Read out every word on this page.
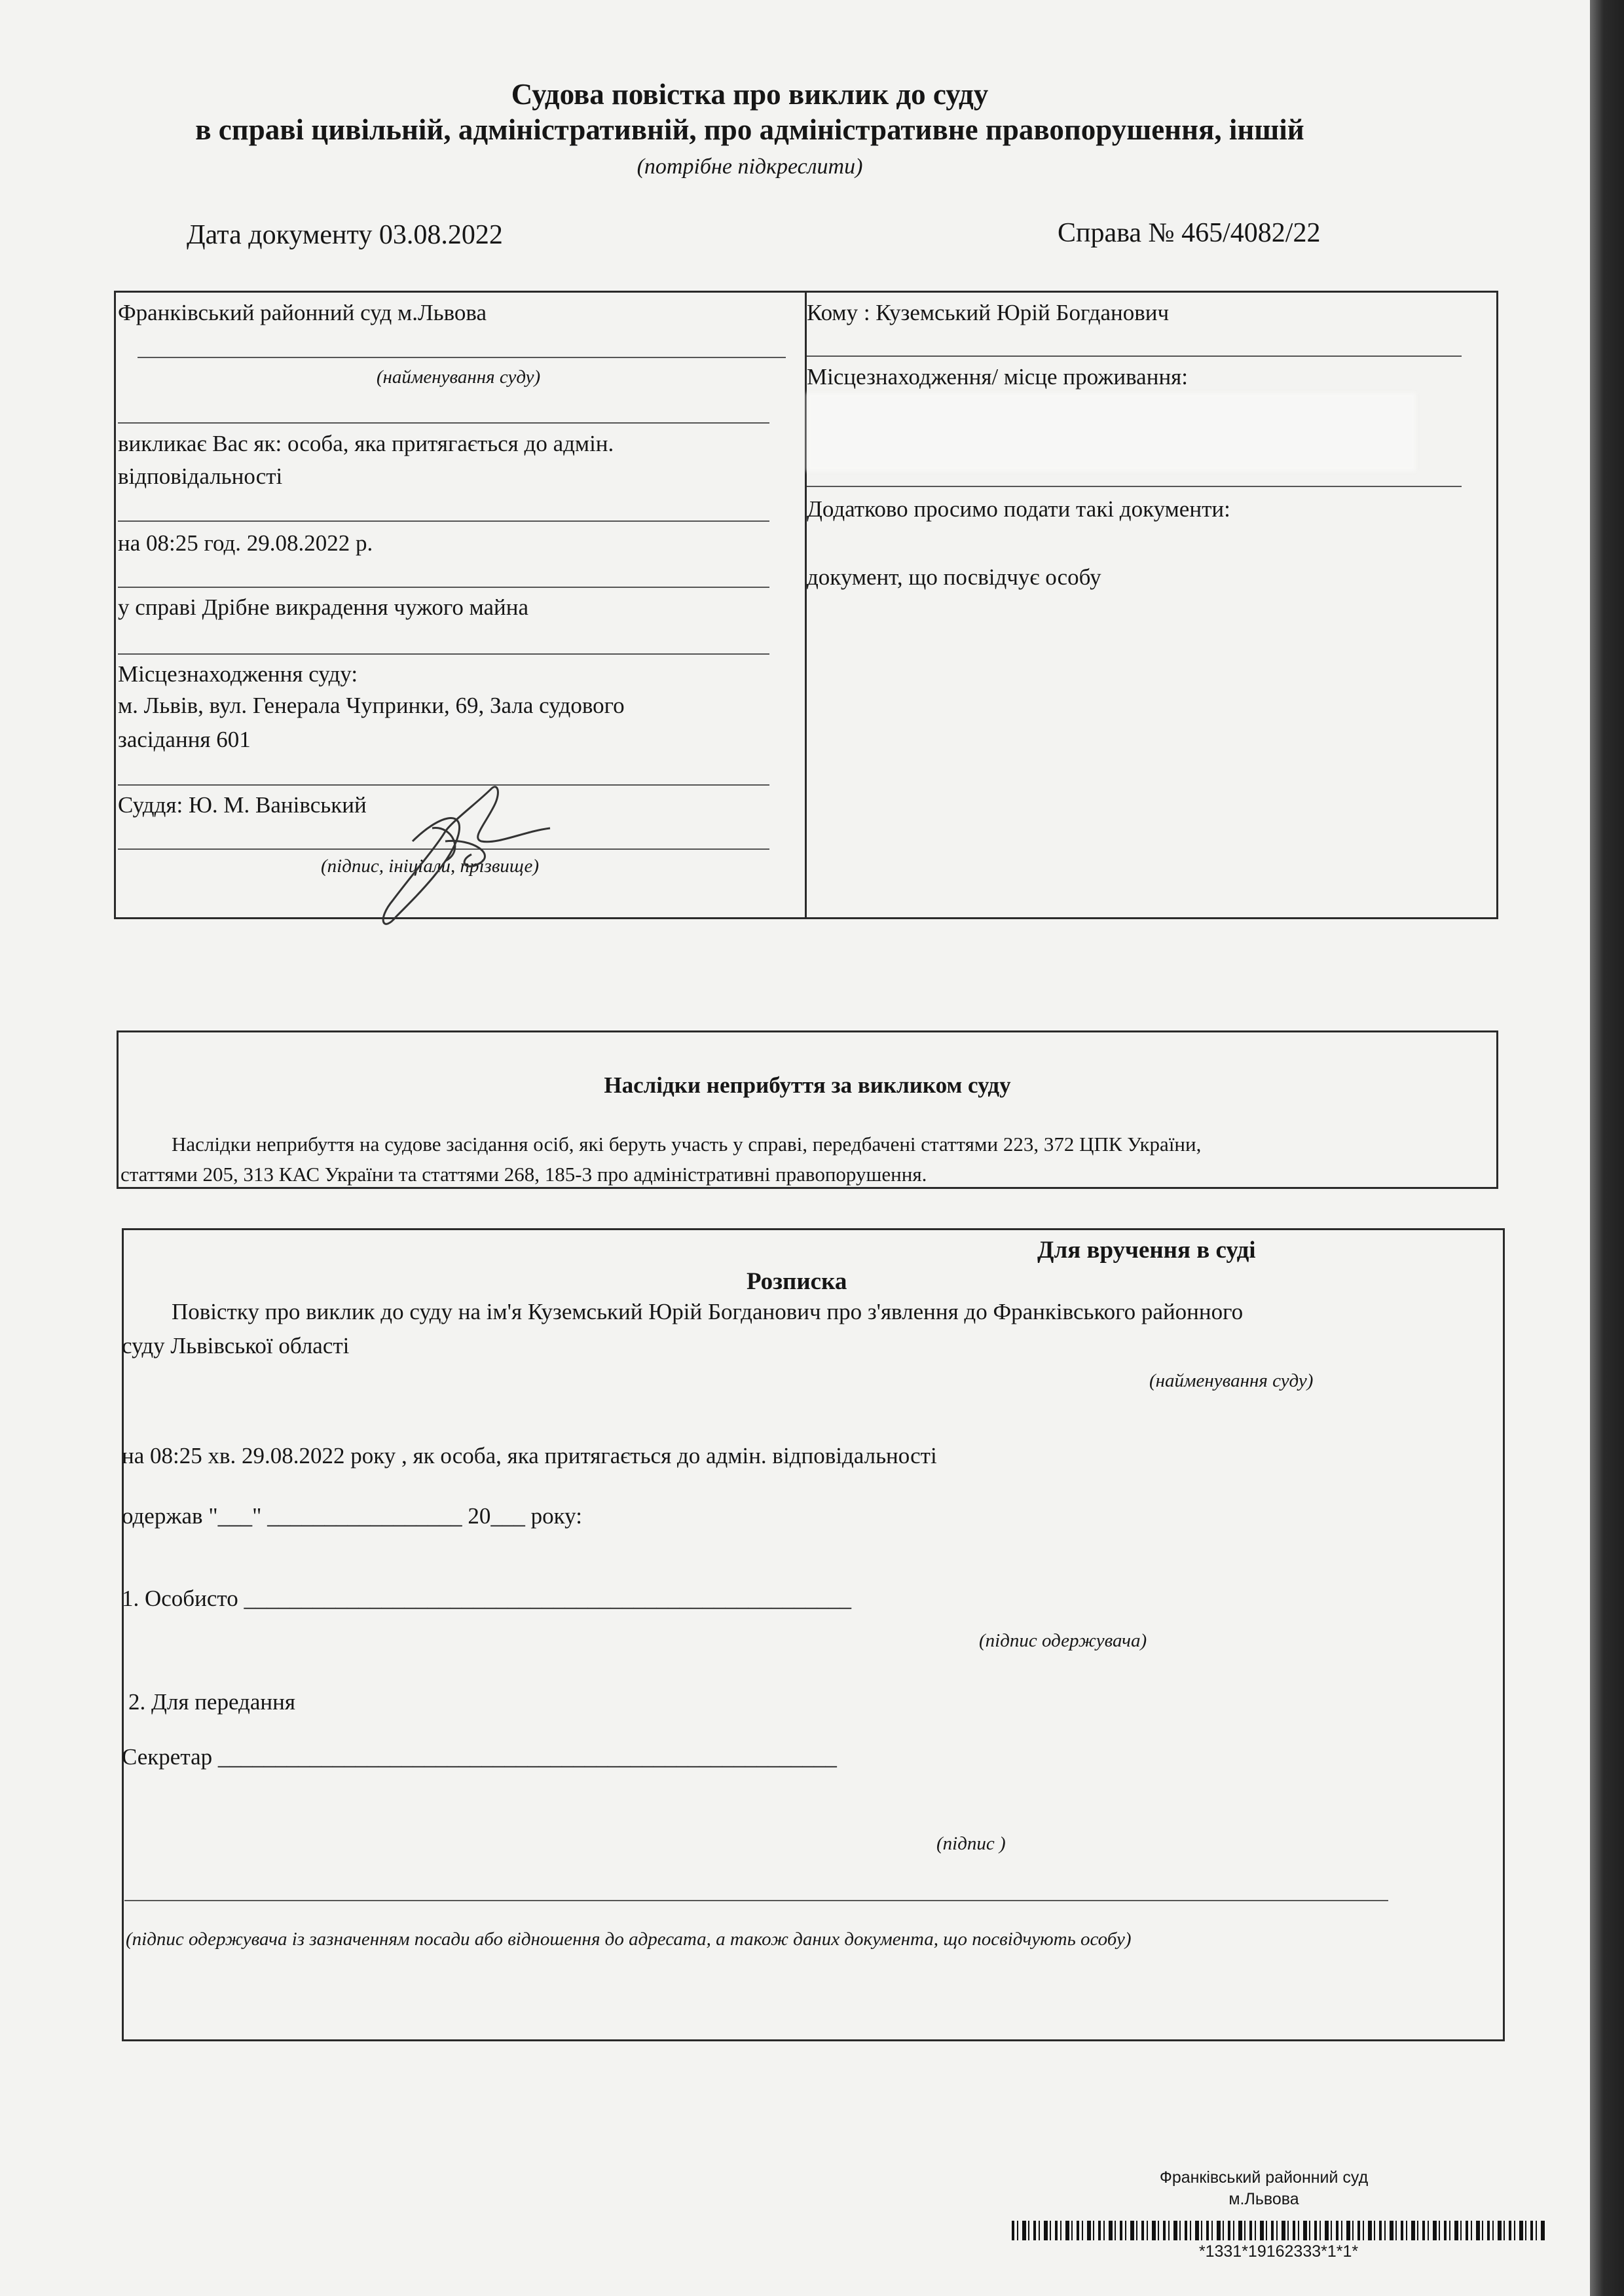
Судова повістка про виклик до суду
в справі цивільній, адміністративній, про адміністративне правопорушення, іншій
(потрібне підкреслити)
Дата документу 03.08.2022	Справа № 465/4082/22
Франківський районний суд м.Львова
(найменування суду)
викликає Вас як: особа, яка притягається до адмін.
відповідальності
на 08:25 год. 29.08.2022 р.
у справі Дрібне викрадення чужого майна
Місцезнаходження суду:
м. Львів, вул. Генерала Чупринки, 69, Зала судового
засідання 601
Суддя: Ю. М. Ванівський
(підпис, ініціали, прізвище)
Кому : Куземський Юрій Богданович
Місцезнаходження/ місце проживання:
Додатково просимо подати такі документи:
документ, що посвідчує особу
Наслідки неприбуття за викликом суду
Наслідки неприбуття на судове засідання осіб, які беруть участь у справі, передбачені статтями 223, 372 ЦПК України,
статтями 205, 313 КАС України та статтями 268, 185-3 про адміністративні правопорушення.
Для вручення в суді
Розписка
Повістку про виклик до суду на ім'я Куземський Юрій Богданович про з'явлення до Франківського районного
суду Львівської області
(найменування суду)
на 08:25 хв. 29.08.2022 року , як особа, яка притягається до адмін. відповідальності
одержав "___" _________________ 20___ року:
1. Особисто _____________________________________________________
(підпис одержувача)
2. Для передання
Секретар ______________________________________________________
(підпис )
(підпис одержувача із зазначенням посади або відношення до адресата, а також даних документа, що посвідчують особу)
Франківський районний суд
м.Львова
*1331*19162333*1*1*
